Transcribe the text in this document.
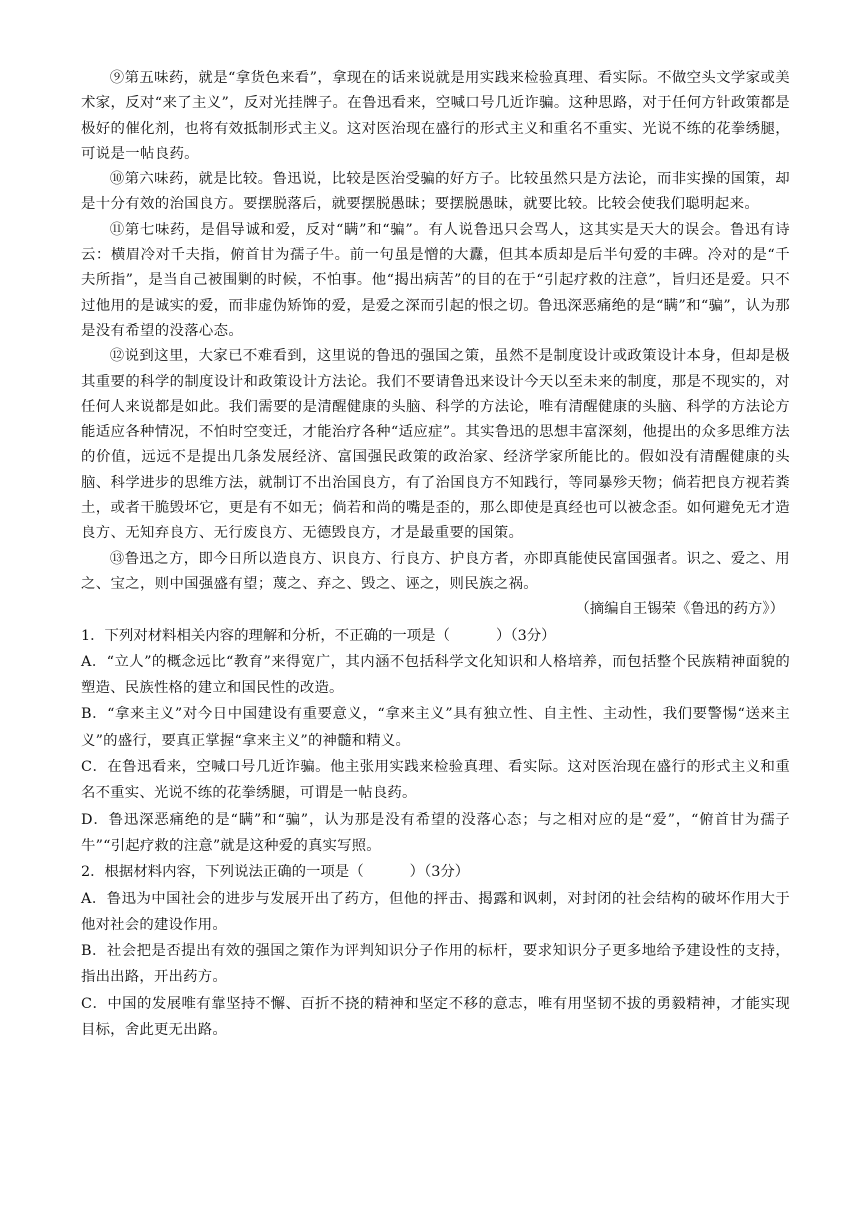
⑨第五味药，就是“拿货色来看”，拿现在的话来说就是用实践来检验真理、看实际。不做空头文学家或美术家，反对“来了主义”，反对光挂牌子。在鲁迅看来，空喊口号几近诈骗。这种思路，对于任何方针政策都是极好的催化剂，也将有效抵制形式主义。这对医治现在盛行的形式主义和重名不重实、光说不练的花拳绣腿，可说是一帖良药。

⑩第六味药，就是比较。鲁迅说，比较是医治受骗的好方子。比较虽然只是方法论，而非实操的国策，却是十分有效的治国良方。要摆脱落后，就要摆脱愚昧；要摆脱愚昧，就要比较。比较会使我们聪明起来。

⑪第七味药，是倡导诚和爱，反对“瞒”和“骗”。有人说鲁迅只会骂人，这其实是天大的误会。鲁迅有诗云：横眉冷对千夫指，俯首甘为孺子牛。前一句虽是憎的大纛，但其本质却是后半句爱的丰碑。冷对的是“千夫所指”，是当自己被围剿的时候，不怕事。他“揭出病苦”的目的在于“引起疗救的注意”，旨归还是爱。只不过他用的是诚实的爱，而非虚伪矫饰的爱，是爱之深而引起的恨之切。鲁迅深恶痛绝的是“瞒”和“骗”，认为那是没有希望的没落心态。

⑫说到这里，大家已不难看到，这里说的鲁迅的强国之策，虽然不是制度设计或政策设计本身，但却是极其重要的科学的制度设计和政策设计方法论。我们不要请鲁迅来设计今天以至未来的制度，那是不现实的，对任何人来说都是如此。我们需要的是清醒健康的头脑、科学的方法论，唯有清醒健康的头脑、科学的方法论方能适应各种情况，不怕时空变迁，才能治疗各种“适应症”。其实鲁迅的思想丰富深刻，他提出的众多思维方法的价值，远远不是提出几条发展经济、富国强民政策的政治家、经济学家所能比的。假如没有清醒健康的头脑、科学进步的思维方法，就制订不出治国良方，有了治国良方不知践行，等同暴殄天物；倘若把良方视若粪土，或者干脆毁坏它，更是有不如无；倘若和尚的嘴是歪的，那么即使是真经也可以被念歪。如何避免无才造良方、无知弃良方、无行废良方、无德毁良方，才是最重要的国策。

⑬鲁迅之方，即今日所以造良方、识良方、行良方、护良方者，亦即真能使民富国强者。识之、爱之、用之、宝之，则中国强盛有望；蔑之、弃之、毁之、诬之，则民族之祸。

（摘编自王锡荣《鲁迅的药方》）

1．下列对材料相关内容的理解和分析，不正确的一项是（	）（3分）

A．“立人”的概念远比“教育”来得宽广，其内涵不包括科学文化知识和人格培养，而包括整个民族精神面貌的塑造、民族性格的建立和国民性的改造。

B．“拿来主义”对今日中国建设有重要意义，“拿来主义”具有独立性、自主性、主动性，我们要警惕“送来主义”的盛行，要真正掌握“拿来主义”的神髓和精义。

C．在鲁迅看来，空喊口号几近诈骗。他主张用实践来检验真理、看实际。这对医治现在盛行的形式主义和重名不重实、光说不练的花拳绣腿，可谓是一帖良药。

D．鲁迅深恶痛绝的是“瞒”和“骗”，认为那是没有希望的没落心态；与之相对应的是“爱”，“俯首甘为孺子牛”“引起疗救的注意”就是这种爱的真实写照。

2．根据材料内容，下列说法正确的一项是（	）（3分）

A．鲁迅为中国社会的进步与发展开出了药方，但他的抨击、揭露和讽刺，对封闭的社会结构的破坏作用大于他对社会的建设作用。

B．社会把是否提出有效的强国之策作为评判知识分子作用的标杆，要求知识分子更多地给予建设性的支持，指出出路，开出药方。

C．中国的发展唯有靠坚持不懈、百折不挠的精神和坚定不移的意志，唯有用坚韧不拔的勇毅精神，才能实现目标，舍此更无出路。
